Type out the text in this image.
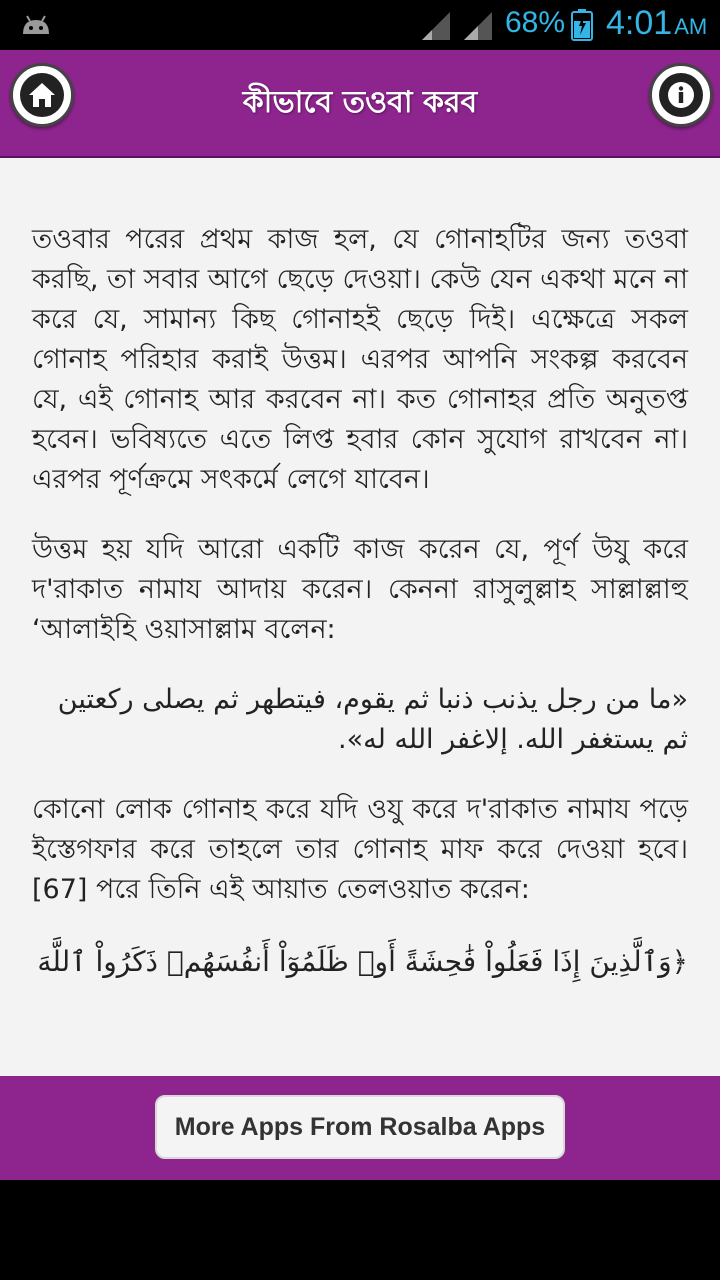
68% 4:01AM
কীভাবে তওবা করব

তওবার পরের প্রথম কাজ হল, যে গোনাহটির জন্য তওবা করছি, তা সবার আগে ছেড়ে দেওয়া। কেউ যেন একথা মনে না করে যে, সামান্য কিছ গোনাহই ছেড়ে দিই। এক্ষেত্রে সকল গোনাহ পরিহার করাই উত্তম। এরপর আপনি সংকল্প করবেন যে, এই গোনাহ আর করবেন না। কত গোনাহর প্রতি অনুতপ্ত হবেন। ভবিষ্যতে এতে লিপ্ত হবার কোন সুযোগ রাখবেন না। এরপর পূর্ণক্রমে সৎকর্মে লেগে যাবেন।

উত্তম হয় যদি আরো একটি কাজ করেন যে, পূর্ণ উযু করে দ'রাকাত নামায আদায় করেন। কেননা রাসুলুল্লাহ সাল্লাল্লাহু ‘আলাইহি ওয়াসাল্লাম বলেন:

«ما من رجل يذنب ذنبا ثم يقوم، فيتطهر ثم يصلى ركعتين ثم يستغفر الله. إلاغفر الله له».

কোনো লোক গোনাহ করে যদি ওযু করে দ'রাকাত নামায পড়ে ইস্তেগফার করে তাহলে তার গোনাহ মাফ করে দেওয়া হবে।[67] পরে তিনি এই আয়াত তেলওয়াত করেন:

﴿وَٱلَّذِينَ إِذَا فَعَلُواْ فَٰحِشَةً أَوۡ ظَلَمُوٓاْ أَنفُسَهُمۡ ذَكَرُواْ ٱللَّهَ

More Apps From Rosalba Apps
